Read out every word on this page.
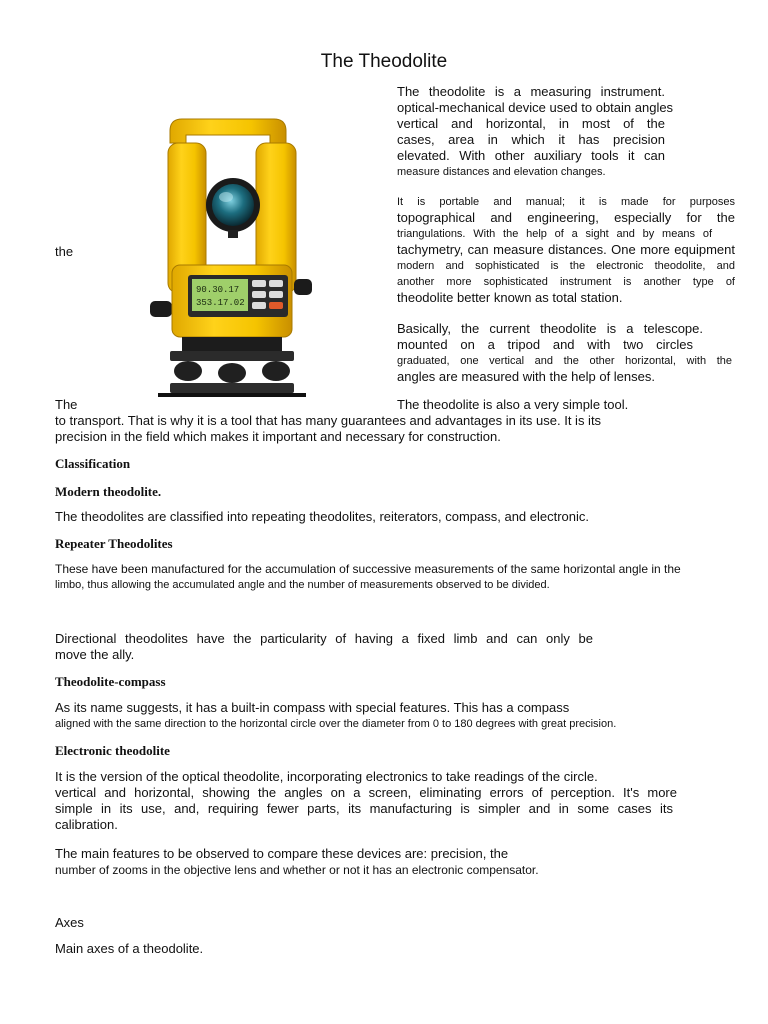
The Theodolite
the
The
90.30.17
353.17.02
The theodolite is a measuring instrument.
optical-mechanical device used to obtain angles
vertical and horizontal, in most of the
cases, area in which it has precision
elevated. With other auxiliary tools it can
measure distances and elevation changes.
It is portable and manual; it is made for purposes
topographical and engineering, especially for the
triangulations. With the help of a sight and by means of
tachymetry, can measure distances. One more equipment
modern and sophisticated is the electronic theodolite, and
another more sophisticated instrument is another type of
theodolite better known as total station.
Basically, the current theodolite is a telescope.
mounted on a tripod and with two circles
graduated, one vertical and the other horizontal, with the
angles are measured with the help of lenses.
The theodolite is also a very simple tool.
to transport. That is why it is a tool that has many guarantees and advantages in its use. It is its
precision in the field which makes it important and necessary for construction.
Classification
Modern theodolite.
The theodolites are classified into repeating theodolites, reiterators, compass, and electronic.
Repeater Theodolites
These have been manufactured for the accumulation of successive measurements of the same horizontal angle in the
limbo, thus allowing the accumulated angle and the number of measurements observed to be divided.
Directional theodolites have the particularity of having a fixed limb and can only be
move the ally.
Theodolite-compass
As its name suggests, it has a built-in compass with special features. This has a compass
aligned with the same direction to the horizontal circle over the diameter from 0 to 180 degrees with great precision.
Electronic theodolite
It is the version of the optical theodolite, incorporating electronics to take readings of the circle.
vertical and horizontal, showing the angles on a screen, eliminating errors of perception. It's more
simple in its use, and, requiring fewer parts, its manufacturing is simpler and in some cases its
calibration.
The main features to be observed to compare these devices are: precision, the
number of zooms in the objective lens and whether or not it has an electronic compensator.
Axes
Main axes of a theodolite.
